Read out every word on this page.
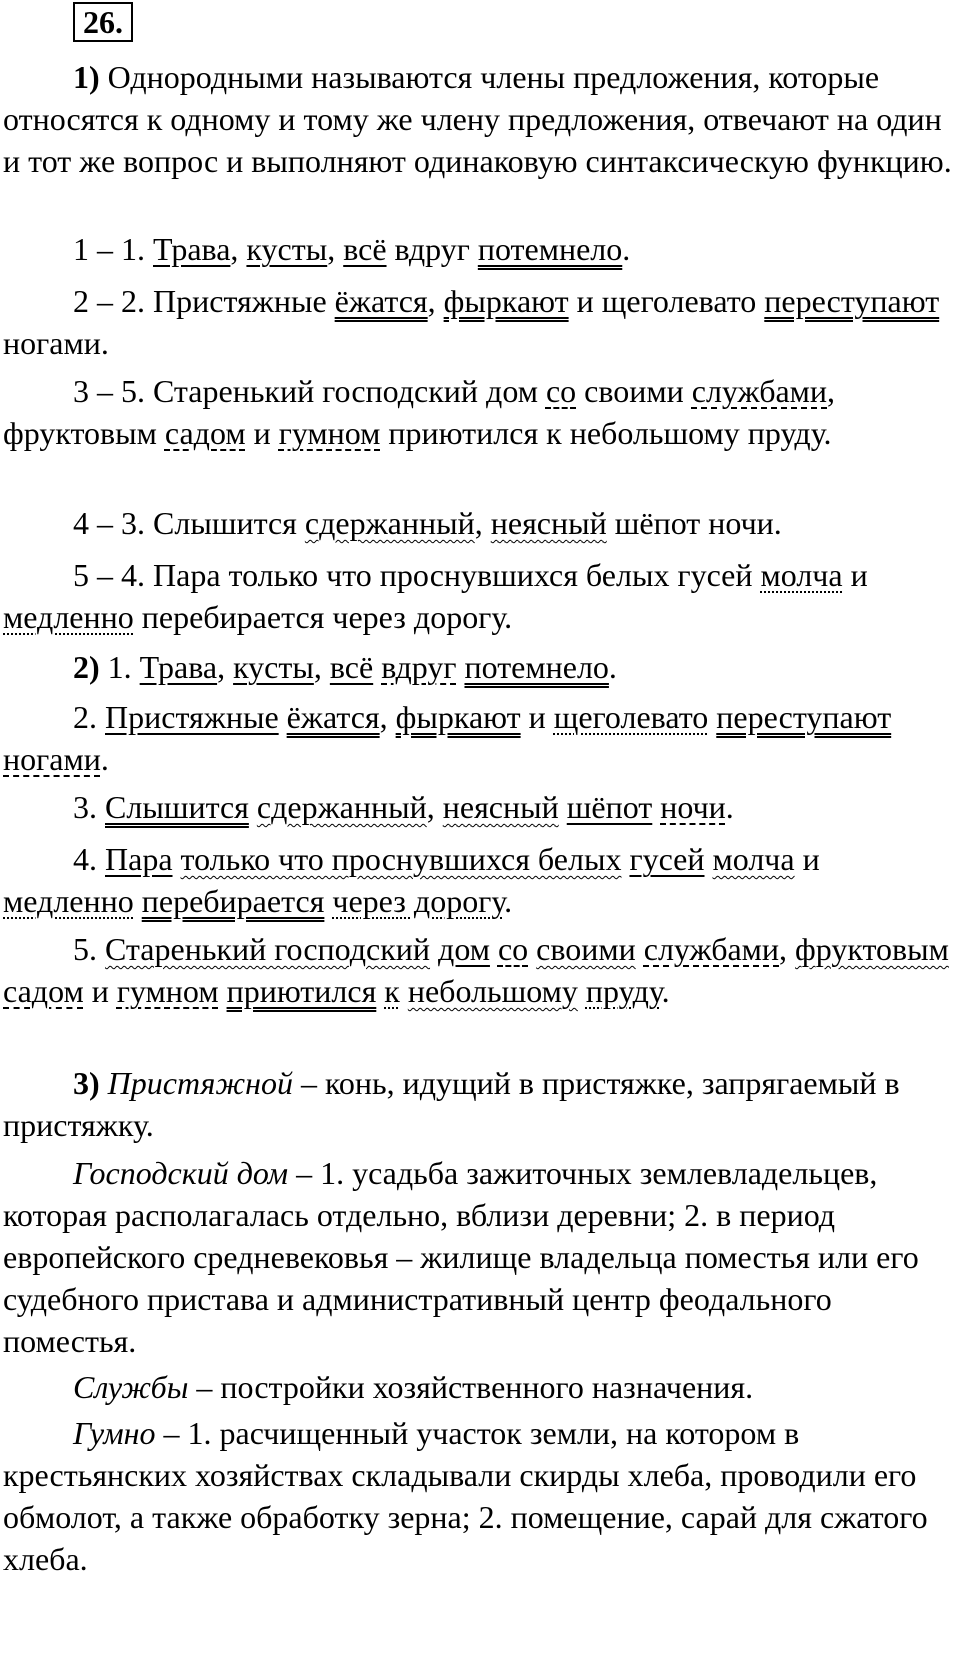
26.

1) Однородными называются члены предложения, которые относятся к одному и тому же члену предложения, отвечают на один и тот же вопрос и выполняют одинаковую синтаксическую функцию.

1 – 1. Трава, кусты, всё вдруг потемнело.

2 – 2. Пристяжные ёжатся, фыркают и щеголевато переступают ногами.

3 – 5. Старенький господский дом со своими службами, фруктовым садом и гумном приютился к небольшому пруду.

4 – 3. Слышится сдержанный, неясный шёпот ночи.

5 – 4. Пара только что проснувшихся белых гусей молча и медленно перебирается через дорогу.

2) 1. Трава, кусты, всё вдруг потемнело.

2. Пристяжные ёжатся, фыркают и щеголевато переступают ногами.

3. Слышится сдержанный, неясный шёпот ночи.

4. Пара только что проснувшихся белых гусей молча и медленно перебирается через дорогу.

5. Старенький господский дом со своими службами, фруктовым садом и гумном приютился к небольшому пруду.

3) Пристяжной – конь, идущий в пристяжке, запрягаемый в пристяжку.

Господский дом – 1. усадьба зажиточных землевладельцев, которая располагалась отдельно, вблизи деревни; 2. в период европейского средневековья – жилище владельца поместья или его судебного пристава и административный центр феодального поместья.

Службы – постройки хозяйственного назначения.

Гумно – 1. расчищенный участок земли, на котором в крестьянских хозяйствах складывали скирды хлеба, проводили его обмолот, а также обработку зерна; 2. помещение, сарай для сжатого хлеба.
